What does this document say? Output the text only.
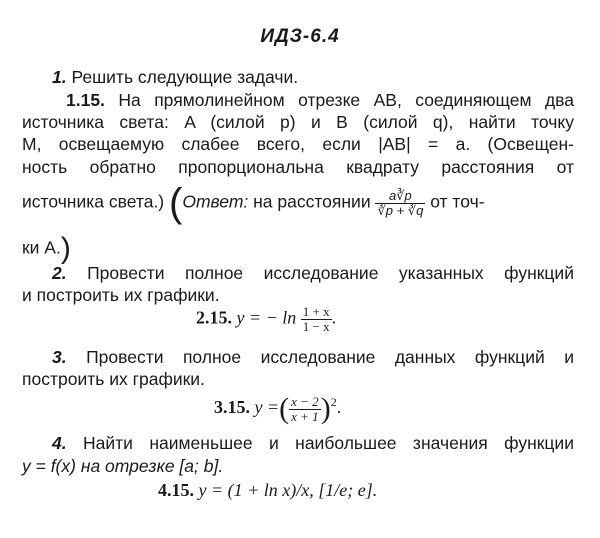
ИДЗ-6.4
1. Решить следующие задачи.
1.15. На прямолинейном отрезке AB, соединяющем два
источника света: A (силой p) и B (силой q), найти точку
M, освещаемую слабее всего, если |AB| = a. (Освещен-
ность обратно пропорциональна квадрату расстояния от
источника света.) (Ответ: на расстоянии $\frac{a∛p}{∛p + ∛q}$ от точ-
ки A.)
2. Провести полное исследование указанных функций
и построить их графики.
2.15. y = − $\ln \frac{1 + x}{1 - x}$ .
3. Провести полное исследование данных функций и
построить их графики.
3.15. y =( $\frac{x - 2}{x + 1} )^2$.
4. Найти наименьшее и наибольшее значения функции
y = f(x) на отрезке [a; b].
4.15. y = (1 + ln x)/x, [1/e; e].
